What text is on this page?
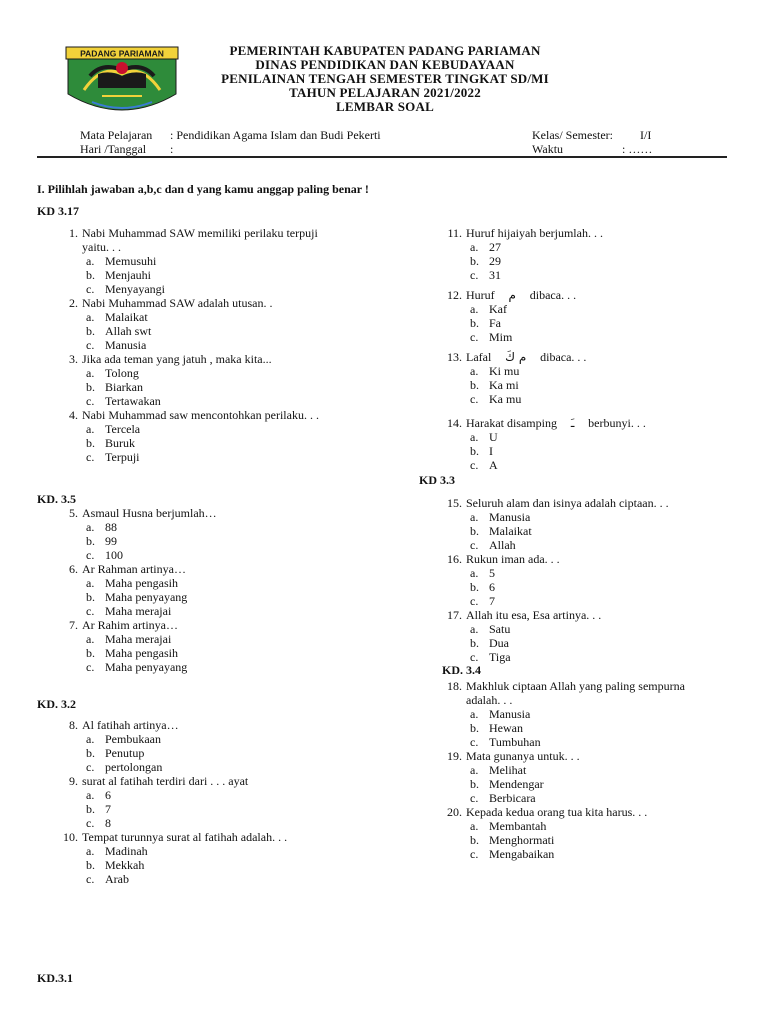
PADANG PARIAMAN	PEMERINTAH KABUPATEN PADANG PARIAMAN
DINAS PENDIDIKAN DAN KEBUDAYAAN
PENILAINAN TENGAH SEMESTER TINGKAT SD/MI
TAHUN PELAJARAN 2021/2022
LEMBAR SOAL
Mata Pelajaran : Pendidikan Agama Islam dan Budi Pekerti
Hari /Tanggal :
Kelas/ Semester: I/I
Waktu	: ……
I. Pilihlah jawaban a,b,c dan d yang kamu anggap paling benar !
KD 3.17
KD. 3.5
KD. 3.2
KD.3.1
KD 3.3
KD. 3.4
1. Nabi Muhammad SAW memiliki perilaku terpuji yaitu. . .
a. Memusuhi
b. Menjauhi
c. Menyayangi
2. Nabi Muhammad SAW adalah utusan. .
a. Malaikat
b. Allah swt
c. Manusia
3. Jika ada teman yang jatuh , maka kita...
a. Tolong
b. Biarkan
c. Tertawakan
4. Nabi Muhammad saw mencontohkan perilaku. . .
a. Tercela
b. Buruk
c. Terpuji
5. Asmaul Husna berjumlah…
a. 88
b. 99
c. 100
6. Ar Rahman artinya…
a. Maha pengasih
b. Maha penyayang
c. Maha merajai
7. Ar Rahim artinya…
a. Maha merajai
b. Maha pengasih
c. Maha penyayang
8. Al fatihah artinya…
a. Pembukaan
b. Penutup
c. pertolongan
9. surat al fatihah terdiri dari . . . ayat
a. 6
b. 7
c. 8
10. Tempat turunnya surat al fatihah adalah. . .
a. Madinah
b. Mekkah
c. Arab
11. Huruf hijaiyah berjumlah. . .
a. 27
b. 29
c. 31
12. Huruf م dibaca. . .
a. Kaf
b. Fa
c. Mim
13. Lafal م كَ dibaca. . .
a. Ki mu
b. Ka mi
c. Ka mu
14. Harakat disamping ـَ berbunyi. . .
a. U
b. I
c. A
15. Seluruh alam dan isinya adalah ciptaan. . .
a. Manusia
b. Malaikat
c. Allah
16. Rukun iman ada. . .
a. 5
b. 6
c. 7
17. Allah itu esa, Esa artinya. . .
a. Satu
b. Dua
c. Tiga
18. Makhluk ciptaan Allah yang paling sempurna adalah. . .
a. Manusia
b. Hewan
c. Tumbuhan
19. Mata gunanya untuk. . .
a. Melihat
b. Mendengar
c. Berbicara
20. Kepada kedua orang tua kita harus. . .
a. Membantah
b. Menghormati
c. Mengabaikan
